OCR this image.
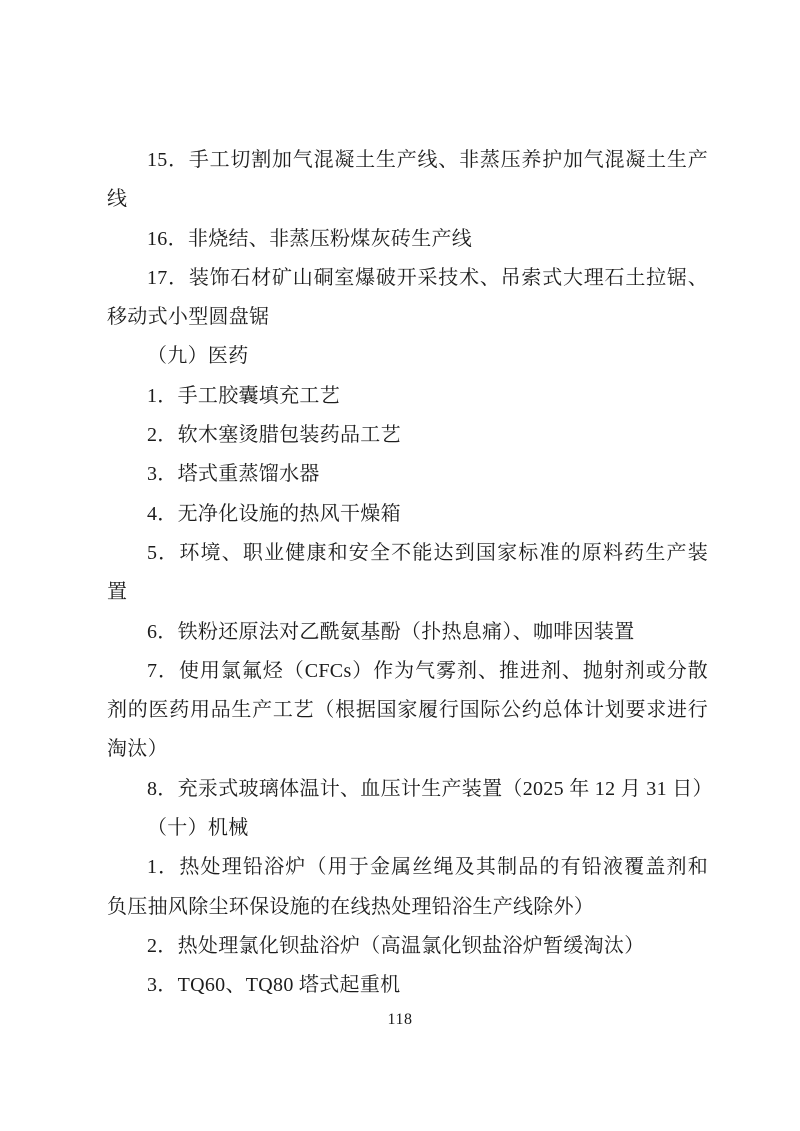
15．手工切割加气混凝土生产线、非蒸压养护加气混凝土生产
线
16．非烧结、非蒸压粉煤灰砖生产线
17．装饰石材矿山硐室爆破开采技术、吊索式大理石土拉锯、
移动式小型圆盘锯
（九）医药
1．手工胶囊填充工艺
2．软木塞烫腊包装药品工艺
3．塔式重蒸馏水器
4．无净化设施的热风干燥箱
5．环境、职业健康和安全不能达到国家标准的原料药生产装
置
6．铁粉还原法对乙酰氨基酚（扑热息痛）、咖啡因装置
7．使用氯氟烃（CFCs）作为气雾剂、推进剂、抛射剂或分散
剂的医药用品生产工艺（根据国家履行国际公约总体计划要求进行
淘汰）
8．充汞式玻璃体温计、血压计生产装置（2025 年 12 月 31 日）
（十）机械
1．热处理铅浴炉（用于金属丝绳及其制品的有铅液覆盖剂和
负压抽风除尘环保设施的在线热处理铅浴生产线除外）
2．热处理氯化钡盐浴炉（高温氯化钡盐浴炉暂缓淘汰）
3．TQ60、TQ80 塔式起重机
118
